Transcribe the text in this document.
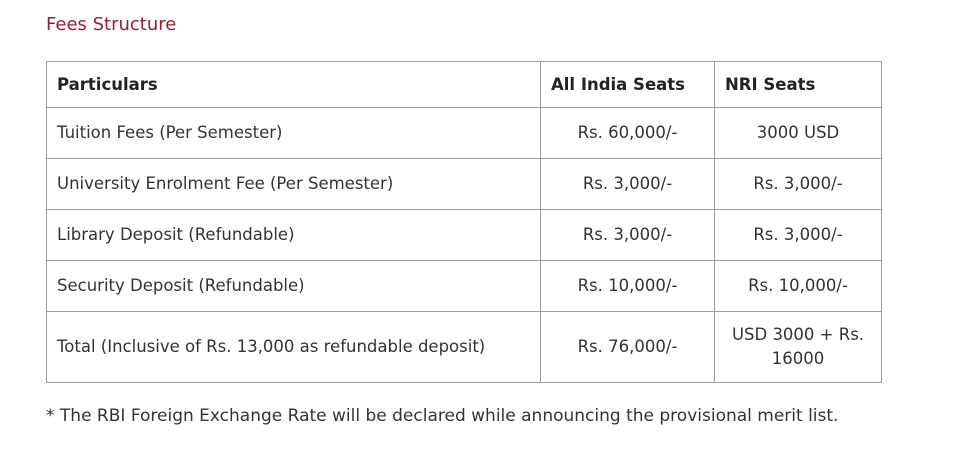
Fees Structure
Particulars	All India Seats	NRI Seats
Tuition Fees (Per Semester)	Rs. 60,000/-	3000 USD
University Enrolment Fee (Per Semester)	Rs. 3,000/-	Rs. 3,000/-
Library Deposit (Refundable)	Rs. 3,000/-	Rs. 3,000/-
Security Deposit (Refundable)	Rs. 10,000/-	Rs. 10,000/-
Total (Inclusive of Rs. 13,000 as refundable deposit)	Rs. 76,000/-	USD 3000 + Rs. 16000

* The RBI Foreign Exchange Rate will be declared while announcing the provisional merit list.
